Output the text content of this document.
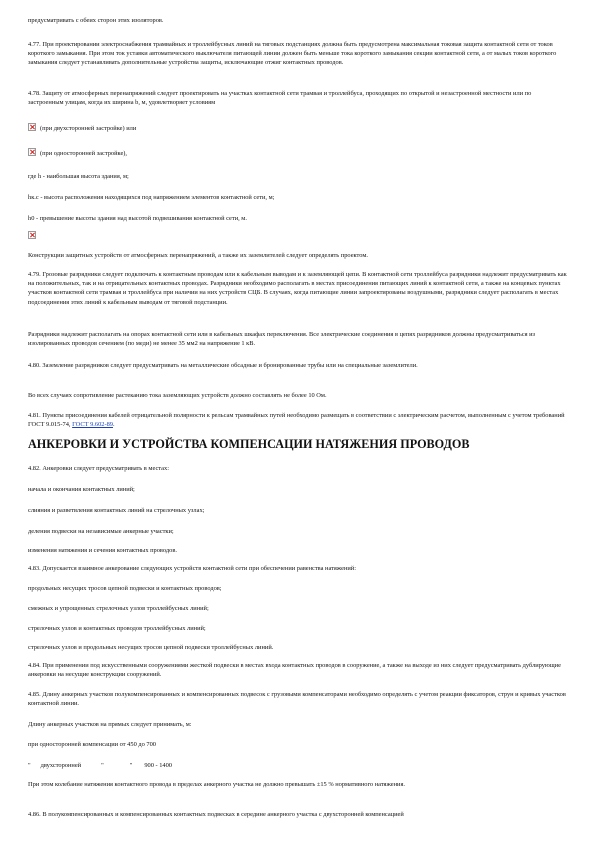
предусматривать с обеих сторон этих изоляторов.

4.77. При проектировании электроснабжения трамвайных и троллейбусных линий на тяговых подстанциях должна быть предусмотрена максимальная токовая защита контактной сети от токов короткого замыкания. При этом ток уставки автоматического выключателя питающей линии должен быть меньше тока короткого замыкания секции контактной сети, а от малых токов короткого замыкания следует устанавливать дополнительные устройства защиты, исключающие отжиг контактных проводов.

4.78. Защиту от атмосферных перенапряжений следует проектировать на участках контактной сети трамвая и троллейбуса, проходящих по открытой и незастроенной местности или по застроенным улицам, когда их ширина b, м, удовлетворяет условиям

(при двухсторонней застройке) или

(при односторонней застройке),

где h - наибольшая высота здания, м;

hк.с - высота расположения находящихся под напряжением элементов контактной сети, м;

h0 - превышение высоты здания над высотой подвешивания контактной сети, м.

Конструкции защитных устройств от атмосферных перенапряжений, а также их заземлителей следует определять проектом.

4.79. Грозовые разрядники следует подключать к контактным проводам или к кабельным выводам и к заземляющей цепи. В контактной сети троллейбуса разрядники надлежит предусматривать как на положительных, так и на отрицательных контактных проводах. Разрядники необходимо располагать в местах присоединения питающих линий к контактной сети, а также на концевых пунктах участков контактной сети трамвая и троллейбуса при наличии на них устройств СЦБ. В случаях, когда питающие линии запроектированы воздушными, разрядники следует располагать в местах подсоединения этих линий к кабельным выводам от тяговой подстанции.

Разрядники надлежит располагать на опорах контактной сети или в кабельных шкафах переключения. Все электрические соединения в цепях разрядников должны предусматриваться из изолированных проводов сечением (по меди) не менее 35 мм2 на напряжение 1 кВ.

4.80. Заземление разрядников следует предусматривать на металлические обсадные и бронированные трубы или на специальные заземлители.

Во всех случаях сопротивление растеканию тока заземляющих устройств должно составлять не более 10 Ом.

4.81. Пункты присоединения кабелей отрицательной полярности к рельсам трамвайных путей необходимо размещать в соответствии с электрическим расчетом, выполненным с учетом требований ГОСТ 9.015-74, ГОСТ 9.602-89.

АНКЕРОВКИ И УСТРОЙСТВА КОМПЕНСАЦИИ НАТЯЖЕНИЯ ПРОВОДОВ

4.82. Анкеровки следует предусматривать в местах:

начала и окончания контактных линий;

слияния и разветвления контактных линий на стрелочных узлах;

деления подвески на независимые анкерные участки;

изменения натяжения и сечения контактных проводов.

4.83. Допускается взаимное анкерование следующих устройств контактной сети при обеспечении равенства натяжений:

продольных несущих тросов цепной подвески и контактных проводов;

смежных и упрощенных стрелочных узлов троллейбусных линий;

стрелочных узлов и контактных проводов троллейбусных линий;

стрелочных узлов и продольных несущих тросов цепной подвески троллейбусных линий.

4.84. При применении под искусственными сооружениями жесткой подвески в местах входа контактных проводов в сооружение, а также на выходе из них следует предусматривать дублирующие анкеровки на несущие конструкции сооружений.

4.85. Длину анкерных участков полукомпенсированных и компенсированных подвесок с грузовыми компенсаторами необходимо определять с учетом реакции фиксаторов, струн и кривых участков контактной линии.

Длину анкерных участков на прямых следует принимать, м:

при односторонней компенсации от 450 до 700

" двухсторонней	"	" 900 - 1400

При этом колебание натяжения контактного провода в пределах анкерного участка не должно превышать ±15 % нормативного натяжения.

4.86. В полукомпенсированных и компенсированных контактных подвесках в середине анкерного участка с двухсторонней компенсацией
